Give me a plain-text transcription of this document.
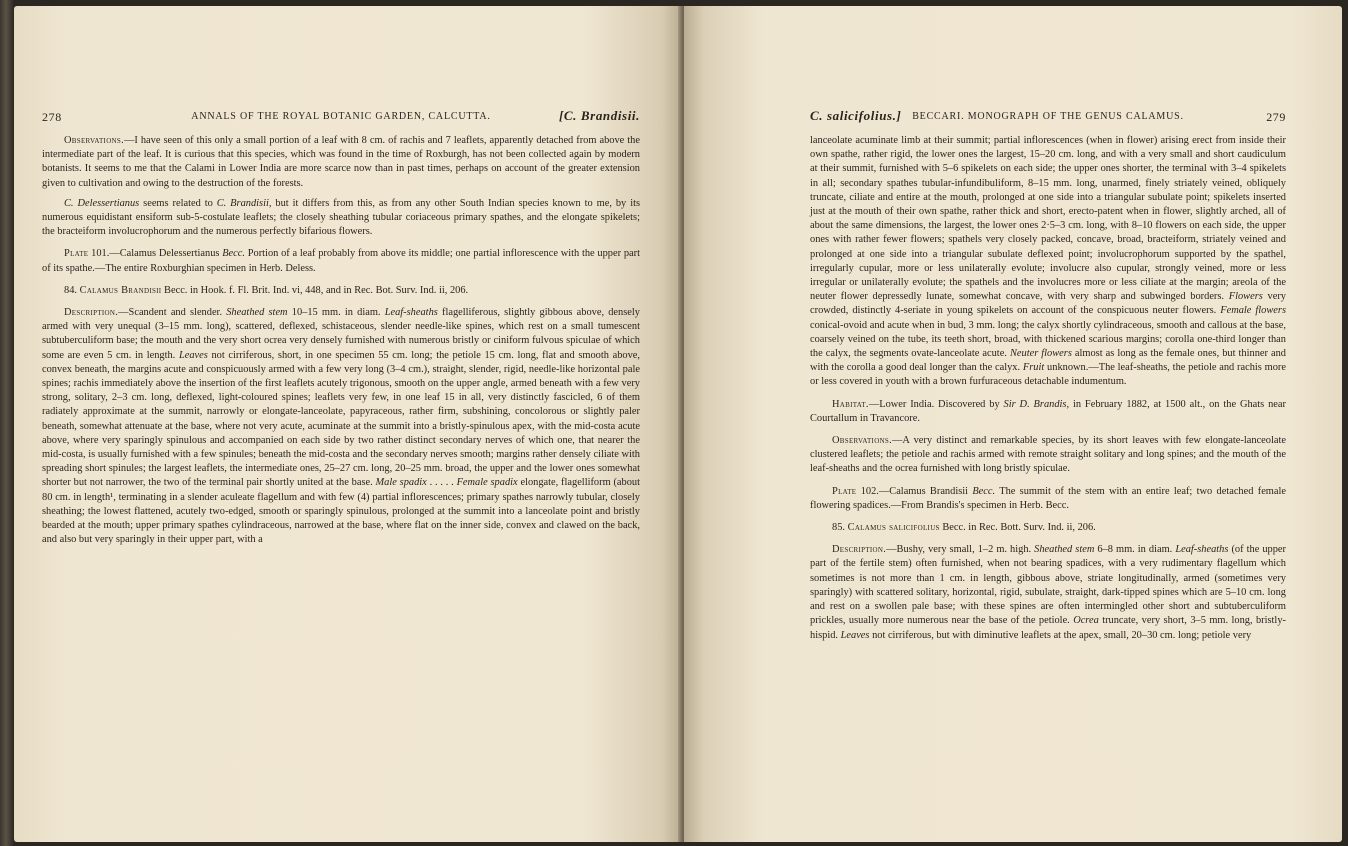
278	ANNALS OF THE ROYAL BOTANIC GARDEN, CALCUTTA.	[C. Brandisii.

Observations.—I have seen of this only a small portion of a leaf with 8 cm. of rachis and 7 leaflets, apparently detached from above the intermediate part of the leaf. It is curious that this species, which was found in the time of Roxburgh, has not been collected again by modern botanists. It seems to me that the Calami in Lower India are more scarce now than in past times, perhaps on account of the greater extension given to cultivation and owing to the destruction of the forests.

C. Delessertianus seems related to C. Brandisii, but it differs from this, as from any other South Indian species known to me, by its numerous equidistant ensiform sub-5-costulate leaflets; the closely sheathing tubular coriaceous primary spathes, and the elongate spikelets; the bracteiform involucrophorum and the numerous perfectly bifarious flowers.

Plate 101.—Calamus Delessertianus Becc. Portion of a leaf probably from above its middle; one partial inflorescence with the upper part of its spathe.—The entire Roxburghian specimen in Herb. Deless.

84. Calamus Brandisii Becc. in Hook. f. Fl. Brit. Ind. vi, 448, and in Rec. Bot. Surv. Ind. ii, 206.

Description.—Scandent and slender. Sheathed stem 10–15 mm. in diam. Leaf-sheaths flagelliferous, slightly gibbous above, densely armed with very unequal (3–15 mm. long), scattered, deflexed, schistaceous, slender needle-like spines, which rest on a small tumescent subtuberculiform base; the mouth and the very short ocrea very densely furnished with numerous bristly or ciniform fulvous spiculae of which some are even 5 cm. in length. Leaves not cirriferous, short, in one specimen 55 cm. long; the petiole 15 cm. long, flat and smooth above, convex beneath, the margins acute and conspicuously armed with a few very long (3–4 cm.), straight, slender, rigid, needle-like horizontal pale spines; rachis immediately above the insertion of the first leaflets acutely trigonous, smooth on the upper angle, armed beneath with a few very strong, solitary, 2–3 cm. long, deflexed, light-coloured spines; leaflets very few, in one leaf 15 in all, very distinctly fascicled, 6 of them radiately approximate at the summit, narrowly or elongate-lanceolate, papyraceous, rather firm, subshining, concolorous or slightly paler beneath, somewhat attenuate at the base, where not very acute, acuminate at the summit into a bristly-spinulous apex, with the mid-costa acute above, where very sparingly spinulous and accompanied on each side by two rather distinct secondary nerves of which one, that nearer the mid-costa, is usually furnished with a few spinules; beneath the mid-costa and the secondary nerves smooth; margins rather densely ciliate with spreading short spinules; the largest leaflets, the intermediate ones, 25–27 cm. long, 20–25 mm. broad, the upper and the lower ones somewhat shorter but not narrower, the two of the terminal pair shortly united at the base. Male spadix . . . . . Female spadix elongate, flagelliform (about 80 cm. in length¹, terminating in a slender aculeate flagellum and with few (4) partial inflorescences; primary spathes narrowly tubular, closely sheathing; the lowest flattened, acutely two-edged, smooth or sparingly spinulous, prolonged at the summit into a lanceolate point and bristly bearded at the mouth; upper primary spathes cylindraceous, narrowed at the base, where flat on the inner side, convex and clawed on the back, and also but very sparingly in their upper part, with a

C. salicifolius.]	BECCARI. MONOGRAPH OF THE GENUS CALAMUS.	279

lanceolate acuminate limb at their summit; partial inflorescences (when in flower) arising erect from inside their own spathe, rather rigid, the lower ones the largest, 15–20 cm. long, and with a very small and short caudiculum at their summit, furnished with 5–6 spikelets on each side; the upper ones shorter, the terminal with 3–4 spikelets in all; secondary spathes tubular-infundibuliform, 8–15 mm. long, unarmed, finely striately veined, obliquely truncate, ciliate and entire at the mouth, prolonged at one side into a triangular subulate point; spikelets inserted just at the mouth of their own spathe, rather thick and short, erecto-patent when in flower, slightly arched, all of about the same dimensions, the largest, the lower ones 2·5–3 cm. long, with 8–10 flowers on each side, the upper ones with rather fewer flowers; spathels very closely packed, concave, broad, bracteiform, striately veined and prolonged at one side into a triangular subulate deflexed point; involucrophorum supported by the spathel, irregularly cupular, more or less unilaterally evolute; involucre also cupular, strongly veined, more or less irregular or unilaterally evolute; the spathels and the involucres more or less ciliate at the margin; areola of the neuter flower depressedly lunate, somewhat concave, with very sharp and subwinged borders. Flowers very crowded, distinctly 4-seriate in young spikelets on account of the conspicuous neuter flowers. Female flowers conical-ovoid and acute when in bud, 3 mm. long; the calyx shortly cylindraceous, smooth and callous at the base, coarsely veined on the tube, its teeth short, broad, with thickened scarious margins; corolla one-third longer than the calyx, the segments ovate-lanceolate acute. Neuter flowers almost as long as the female ones, but thinner and with the corolla a good deal longer than the calyx. Fruit unknown.—The leaf-sheaths, the petiole and rachis more or less covered in youth with a brown furfuraceous detachable indumentum.

Habitat.—Lower India. Discovered by Sir D. Brandis, in February 1882, at 1500 alt., on the Ghats near Courtallum in Travancore.

Observations.—A very distinct and remarkable species, by its short leaves with few elongate-lanceolate clustered leaflets; the petiole and rachis armed with remote straight solitary and long spines; and the mouth of the leaf-sheaths and the ocrea furnished with long bristly spiculae.

Plate 102.—Calamus Brandisii Becc. The summit of the stem with an entire leaf; two detached female flowering spadices.—From Brandis's specimen in Herb. Becc.

85. Calamus salicifolius Becc. in Rec. Bott. Surv. Ind. ii, 206.

Description.—Bushy, very small, 1–2 m. high. Sheathed stem 6–8 mm. in diam. Leaf-sheaths (of the upper part of the fertile stem) often furnished, when not bearing spadices, with a very rudimentary flagellum which sometimes is not more than 1 cm. in length, gibbous above, striate longitudinally, armed (sometimes very sparingly) with scattered solitary, horizontal, rigid, subulate, straight, dark-tipped spines which are 5–10 cm. long and rest on a swollen pale base; with these spines are often intermingled other short and subtuberculiform prickles, usually more numerous near the base of the petiole. Ocrea truncate, very short, 3–5 mm. long, bristly-hispid. Leaves not cirriferous, but with diminutive leaflets at the apex, small, 20–30 cm. long; petiole very
